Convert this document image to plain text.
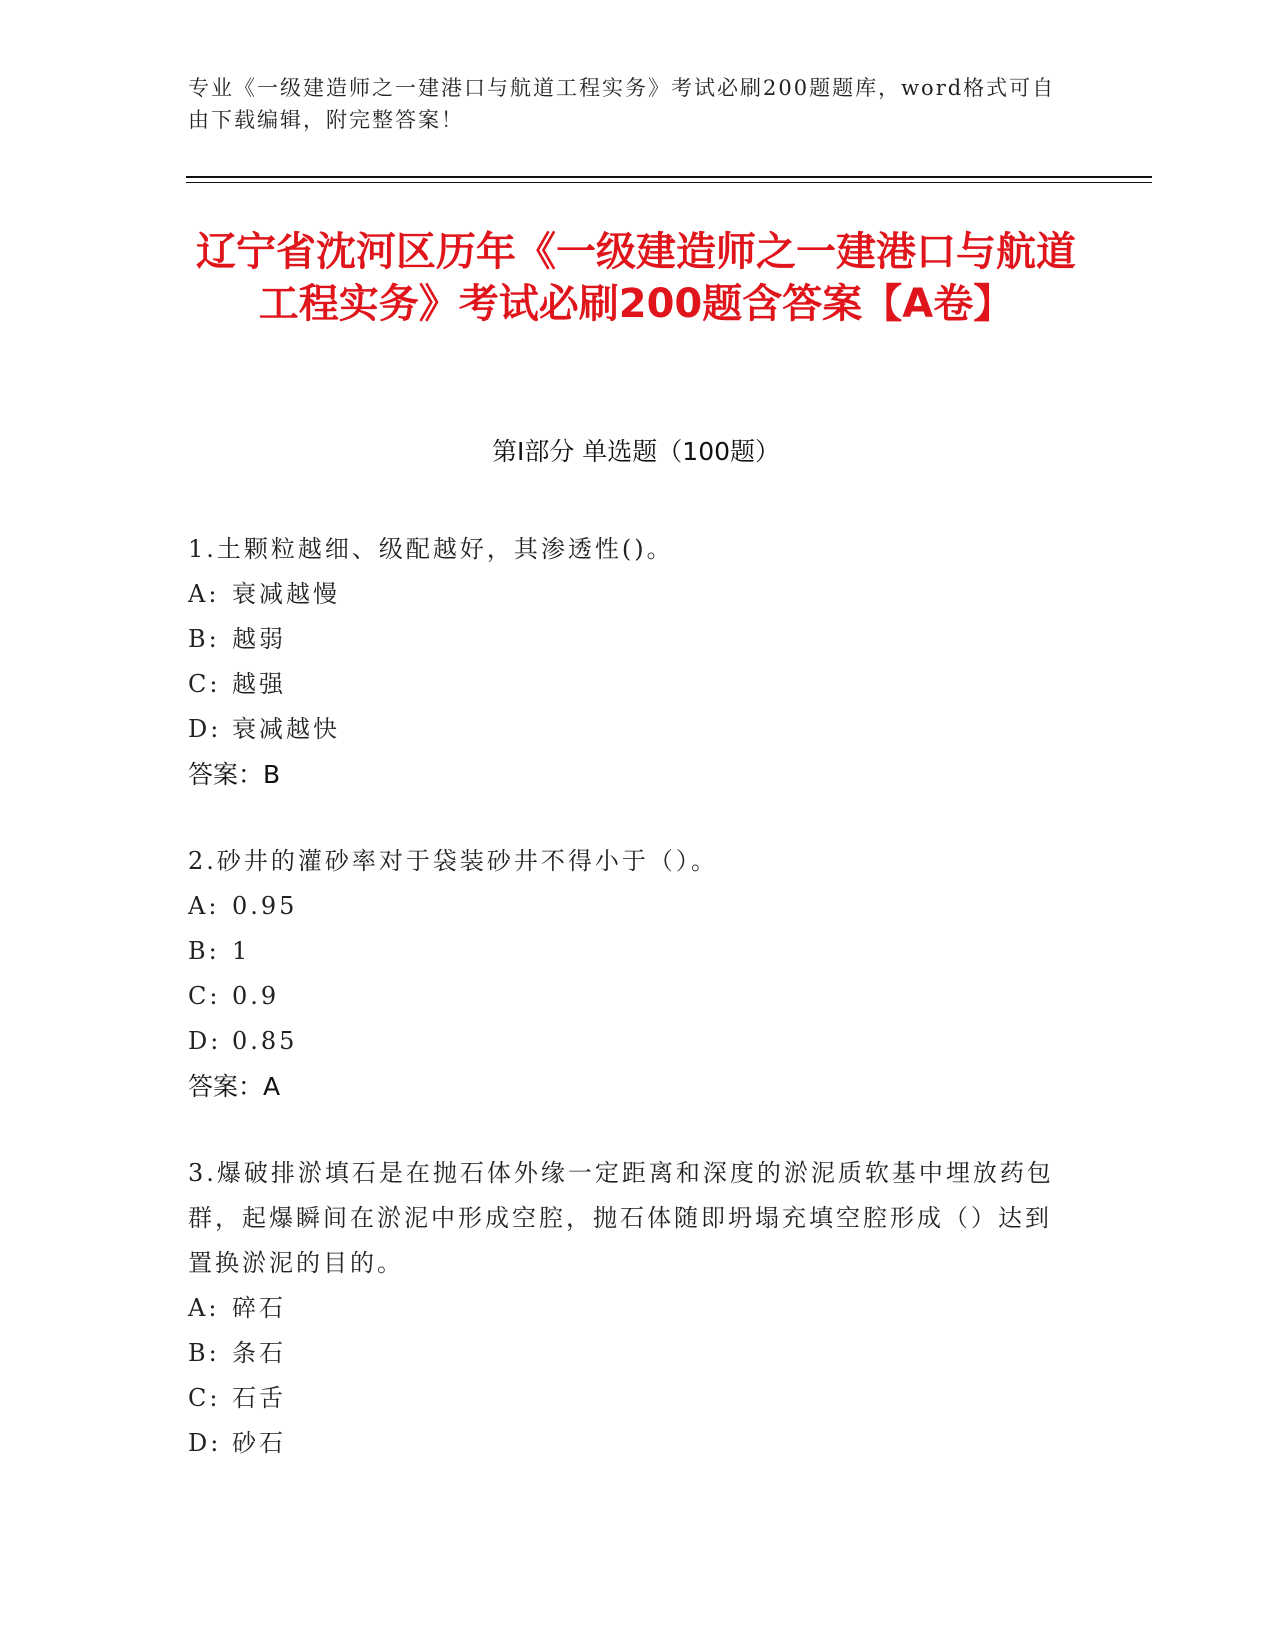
专业《一级建造师之一建港口与航道工程实务》考试必刷200题题库，word格式可自由下载编辑，附完整答案！
辽宁省沈河区历年《一级建造师之一建港口与航道工程实务》考试必刷200题含答案【A卷】
第Ⅰ部分 单选题（100题）

1.土颗粒越细、级配越好，其渗透性()。

A: 衰减越慢

B: 越弱

C: 越强

D: 衰减越快

答案：B

2.砂井的灌砂率对于袋装砂井不得小于（）。

A: 0.95

B: 1

C: 0.9

D: 0.85

答案：A

3.爆破排淤填石是在抛石体外缘一定距离和深度的淤泥质软基中埋放药包群，起爆瞬间在淤泥中形成空腔，抛石体随即坍塌充填空腔形成（）达到置换淤泥的目的。

A: 碎石

B: 条石

C: 石舌

D: 砂石
